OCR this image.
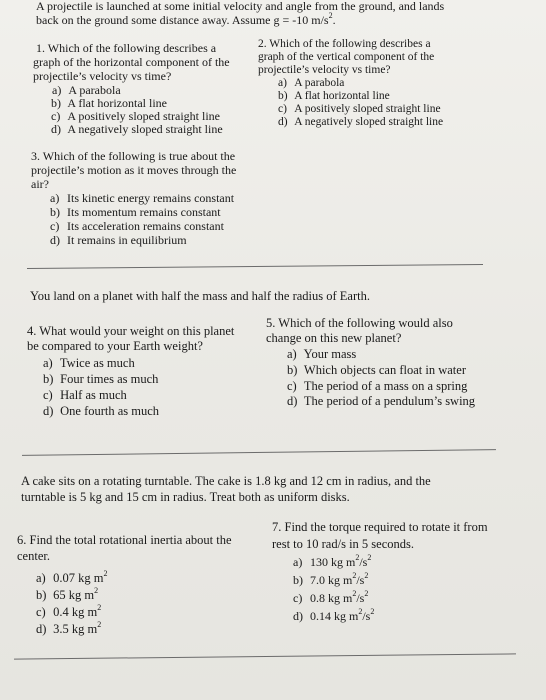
A projectile is launched at some initial velocity and angle from the ground, and lands

back on the ground some distance away. Assume g = -10 $m/s^2$.

1. Which of the following describes a

graph of the horizontal component of the

projectile’s velocity vs time?

a) A parabola

b) A flat horizontal line

c) A positively sloped straight line

d) A negatively sloped straight line

2. Which of the following describes a

graph of the vertical component of the

projectile’s velocity vs time?

a) A parabola

b) A flat horizontal line

c) A positively sloped straight line

d) A negatively sloped straight line

3. Which of the following is true about the

projectile’s motion as it moves through the

air?

a) Its kinetic energy remains constant

b) Its momentum remains constant

c) Its acceleration remains constant

d) It remains in equilibrium

You land on a planet with half the mass and half the radius of Earth.

4. What would your weight on this planet

be compared to your Earth weight?

a) Twice as much

b) Four times as much

c) Half as much

d) One fourth as much

5. Which of the following would also

change on this new planet?

a) Your mass

b) Which objects can float in water

c) The period of a mass on a spring

d) The period of a pendulum’s swing

A cake sits on a rotating turntable. The cake is 1.8 kg and 12 cm in radius, and the

turntable is 5 kg and 15 cm in radius. Treat both as uniform disks.

6. Find the total rotational inertia about the

center.

a) 0.07 kg $m^2$

b) 65 kg $m^2$

c) 0.4 kg $m^2$

d) 3.5 kg $m^2$

7. Find the torque required to rotate it from

rest to 10 rad/s in 5 seconds.

a) 130 kg $m^2/s^2$

b) 7.0 kg $m^2/s^2$

c) 0.8 kg $m^2/s^2$

d) 0.14 kg $m^2/s^2$
